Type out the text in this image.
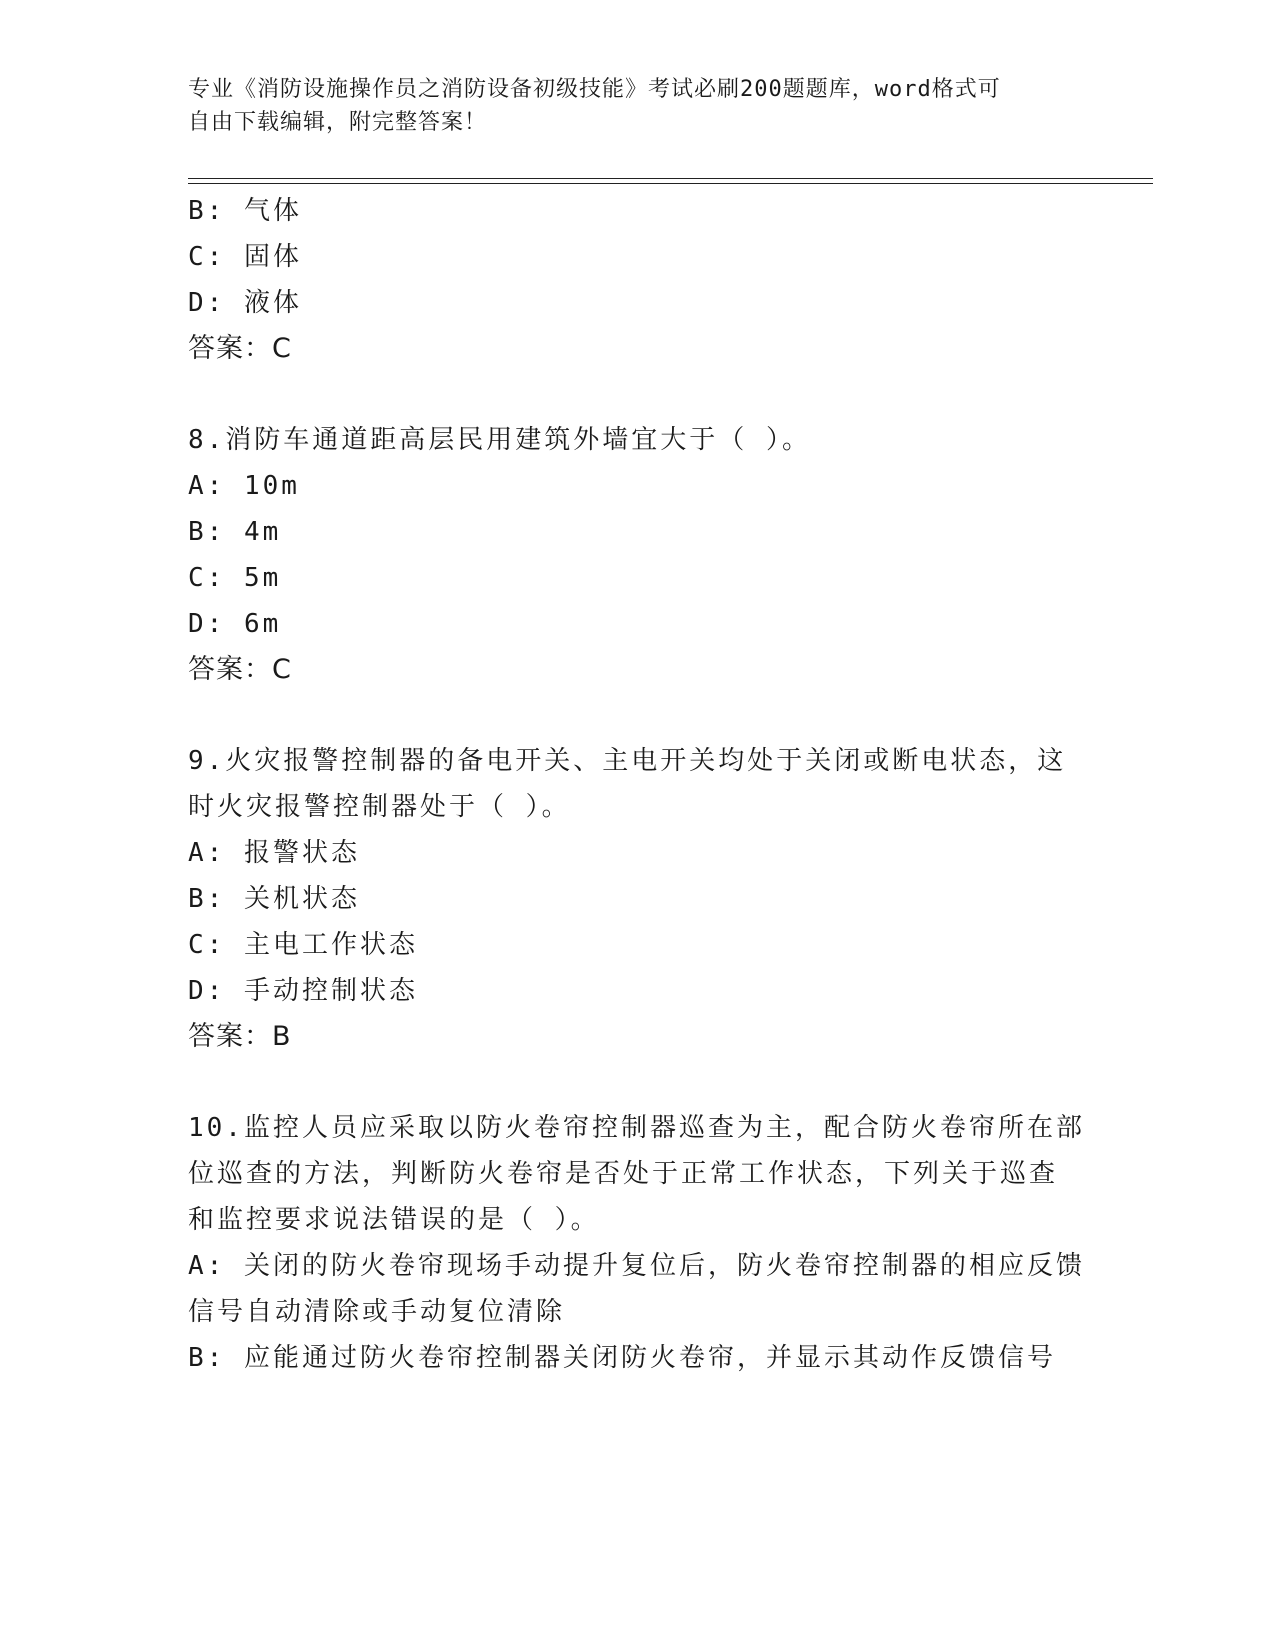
专业《消防设施操作员之消防设备初级技能》考试必刷200题题库，word格式可
自由下载编辑，附完整答案！
B: 气体
C: 固体
D: 液体
答案：C
8.消防车通道距高层民用建筑外墙宜大于（ ）。
A: 10m
B: 4m
C: 5m
D: 6m
答案：C
9.火灾报警控制器的备电开关、主电开关均处于关闭或断电状态，这
时火灾报警控制器处于（ ）。
A: 报警状态
B: 关机状态
C: 主电工作状态
D: 手动控制状态
答案：B
10.监控人员应采取以防火卷帘控制器巡查为主，配合防火卷帘所在部
位巡查的方法，判断防火卷帘是否处于正常工作状态，下列关于巡查
和监控要求说法错误的是（ ）。
A: 关闭的防火卷帘现场手动提升复位后，防火卷帘控制器的相应反馈
信号自动清除或手动复位清除
B: 应能通过防火卷帘控制器关闭防火卷帘，并显示其动作反馈信号
